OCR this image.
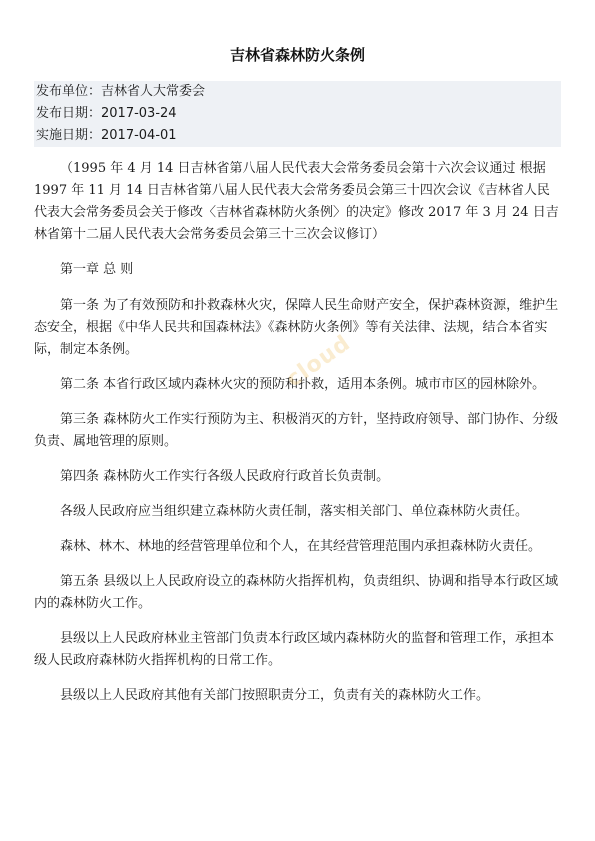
吉林省森林防火条例
发布单位：吉林省人大常委会
发布日期：2017-03-24
实施日期：2017-04-01

（1995 年 4 月 14 日吉林省第八届人民代表大会常务委员会第十六次会议通过 根据 1997 年 11 月 14 日吉林省第八届人民代表大会常务委员会第三十四次会议《吉林省人民代表大会常务委员会关于修改〈吉林省森林防火条例〉的决定》修改 2017 年 3 月 24 日吉林省第十二届人民代表大会常务委员会第三十三次会议修订）

第一章 总 则

第一条 为了有效预防和扑救森林火灾，保障人民生命财产安全，保护森林资源，维护生态安全，根据《中华人民共和国森林法》《森林防火条例》等有关法律、法规，结合本省实际，制定本条例。

第二条 本省行政区域内森林火灾的预防和扑救，适用本条例。城市市区的园林除外。

第三条 森林防火工作实行预防为主、积极消灭的方针，坚持政府领导、部门协作、分级负责、属地管理的原则。

第四条 森林防火工作实行各级人民政府行政首长负责制。

各级人民政府应当组织建立森林防火责任制，落实相关部门、单位森林防火责任。

森林、林木、林地的经营管理单位和个人，在其经营管理范围内承担森林防火责任。

第五条 县级以上人民政府设立的森林防火指挥机构，负责组织、协调和指导本行政区域内的森林防火工作。

县级以上人民政府林业主管部门负责本行政区域内森林防火的监督和管理工作，承担本级人民政府森林防火指挥机构的日常工作。

县级以上人民政府其他有关部门按照职责分工，负责有关的森林防火工作。

cloud
